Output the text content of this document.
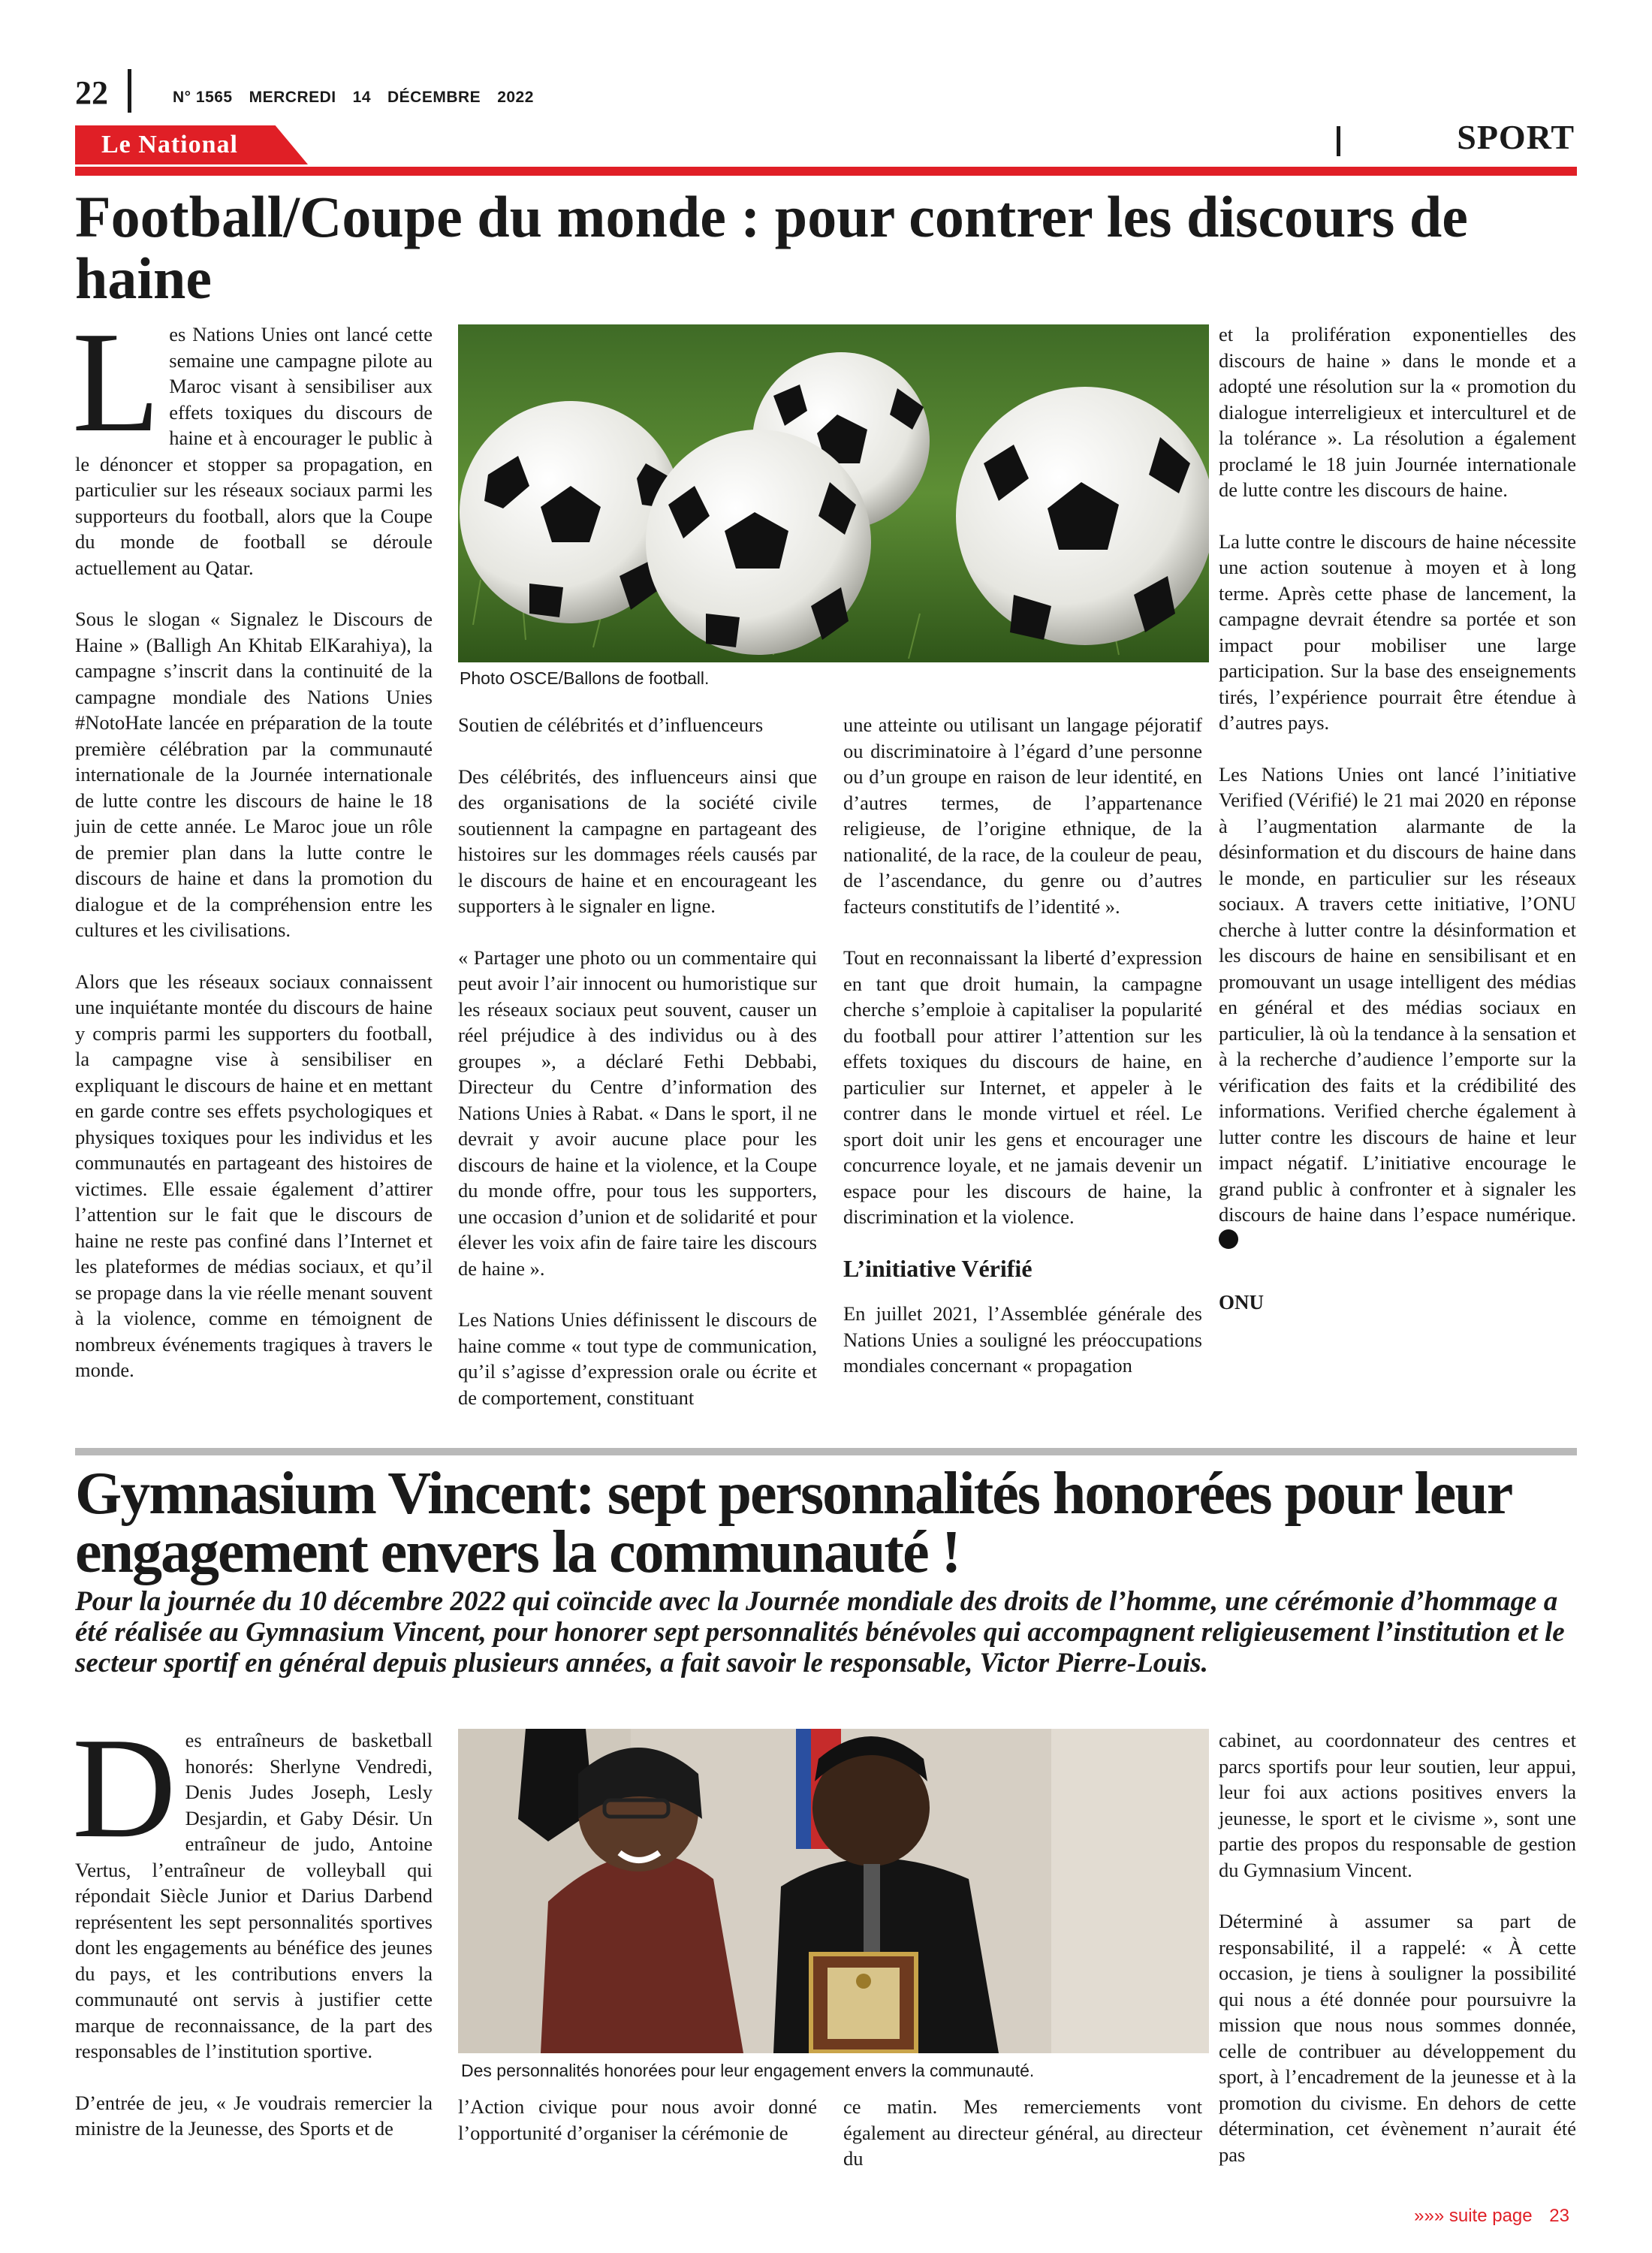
22	N° 1565 MERCREDI 14 DÉCEMBRE 2022
Le National	SPORT
Football/Coupe du monde : pour contrer les discours de haine

Les Nations Unies ont lancé cette semaine une campagne pilote au Maroc visant à sensibiliser aux effets toxiques du discours de haine et à encourager le public à le dénoncer et stopper sa propagation, en particulier sur les réseaux sociaux parmi les supporteurs du football, alors que la Coupe du monde de football se déroule actuellement au Qatar.

Sous le slogan « Signalez le Discours de Haine » (Balligh An Khitab ElKarahiya), la campagne s’inscrit dans la continuité de la campagne mondiale des Nations Unies #NotoHate lancée en préparation de la toute première célébration par la communauté internationale de la Journée internationale de lutte contre les discours de haine le 18 juin de cette année. Le Maroc joue un rôle de premier plan dans la lutte contre le discours de haine et dans la promotion du dialogue et de la compréhension entre les cultures et les civilisations.

Alors que les réseaux sociaux connaissent une inquiétante montée du discours de haine y compris parmi les supporters du football, la campagne vise à sensibiliser en expliquant le discours de haine et en mettant en garde contre ses effets psychologiques et physiques toxiques pour les individus et les communautés en partageant des histoires de victimes. Elle essaie également d’attirer l’attention sur le fait que le discours de haine ne reste pas confiné dans l’Internet et les plateformes de médias sociaux, et qu’il se propage dans la vie réelle menant souvent à la violence, comme en témoignent de nombreux événements tragiques à travers le monde.

Photo OSCE/Ballons de football.

Soutien de célébrités et d’influenceurs

Des célébrités, des influenceurs ainsi que des organisations de la société civile soutiennent la campagne en partageant des histoires sur les dommages réels causés par le discours de haine et en encourageant les supporters à le signaler en ligne.

« Partager une photo ou un commentaire qui peut avoir l’air innocent ou humoristique sur les réseaux sociaux peut souvent, causer un réel préjudice à des individus ou à des groupes », a déclaré Fethi Debbabi, Directeur du Centre d’information des Nations Unies à Rabat. « Dans le sport, il ne devrait y avoir aucune place pour les discours de haine et la violence, et la Coupe du monde offre, pour tous les supporters, une occasion d’union et de solidarité et pour élever les voix afin de faire taire les discours de haine ».

Les Nations Unies définissent le discours de haine comme « tout type de communication, qu’il s’agisse d’expression orale ou écrite et de comportement, constituant

une atteinte ou utilisant un langage péjoratif ou discriminatoire à l’égard d’une personne ou d’un groupe en raison de leur identité, en d’autres termes, de l’appartenance religieuse, de l’origine ethnique, de la nationalité, de la race, de la couleur de peau, de l’ascendance, du genre ou d’autres facteurs constitutifs de l’identité ».

Tout en reconnaissant la liberté d’expression en tant que droit humain, la campagne cherche s’emploie à capitaliser la popularité du football pour attirer l’attention sur les effets toxiques du discours de haine, en particulier sur Internet, et appeler à le contrer dans le monde virtuel et réel. Le sport doit unir les gens et encourager une concurrence loyale, et ne jamais devenir un espace pour les discours de haine, la discrimination et la violence.

L’initiative Vérifié

En juillet 2021, l’Assemblée générale des Nations Unies a souligné les préoccupations mondiales concernant « propagation

et la prolifération exponentielles des discours de haine » dans le monde et a adopté une résolution sur la « promotion du dialogue interreligieux et interculturel et de la tolérance ». La résolution a également proclamé le 18 juin Journée internationale de lutte contre les discours de haine.

La lutte contre le discours de haine nécessite une action soutenue à moyen et à long terme. Après cette phase de lancement, la campagne devrait étendre sa portée et son impact pour mobiliser une large participation. Sur la base des enseignements tirés, l’expérience pourrait être étendue à d’autres pays.

Les Nations Unies ont lancé l’initiative Verified (Vérifié) le 21 mai 2020 en réponse à l’augmentation alarmante de la désinformation et du discours de haine dans le monde, en particulier sur les réseaux sociaux. A travers cette initiative, l’ONU cherche à lutter contre la désinformation et les discours de haine en sensibilisant et en promouvant un usage intelligent des médias en général et des médias sociaux en particulier, là où la tendance à la sensation et à la recherche d’audience l’emporte sur la vérification des faits et la crédibilité des informations. Verified cherche également à lutter contre les discours de haine et leur impact négatif. L’initiative encourage le grand public à confronter et à signaler les discours de haine dans l’espace numérique.

ONU

Gymnasium Vincent: sept personnalités honorées pour leur engagement envers la communauté !

Pour la journée du 10 décembre 2022 qui coïncide avec la Journée mondiale des droits de l’homme, une cérémonie d’hommage a été réalisée au Gymnasium Vincent, pour honorer sept personnalités bénévoles qui accompagnent religieusement l’institution et le secteur sportif en général depuis plusieurs années, a fait savoir le responsable, Victor Pierre-Louis.

Des entraîneurs de basketball honorés: Sherlyne Vendredi, Denis Judes Joseph, Lesly Desjardin, et Gaby Désir. Un entraîneur de judo, Antoine Vertus, l’entraîneur de volleyball qui répondait Siècle Junior et Darius Darbend représentent les sept personnalités sportives dont les engagements au bénéfice des jeunes du pays, et les contributions envers la communauté ont servis à justifier cette marque de reconnaissance, de la part des responsables de l’institution sportive.

D’entrée de jeu, « Je voudrais remercier la ministre de la Jeunesse, des Sports et de

Des personnalités honorées pour leur engagement envers la communauté.

l’Action civique pour nous avoir donné l’opportunité d’organiser la cérémonie de

ce matin. Mes remerciements vont également au directeur général, au directeur du

cabinet, au coordonnateur des centres et parcs sportifs pour leur soutien, leur appui, leur foi aux actions positives envers la jeunesse, le sport et le civisme », sont une partie des propos du responsable de gestion du Gymnasium Vincent.

Déterminé à assumer sa part de responsabilité, il a rappelé: « À cette occasion, je tiens à souligner la possibilité qui nous a été donnée pour poursuivre la mission que nous nous sommes donnée, celle de contribuer au développement du sport, à l’encadrement de la jeunesse et à la promotion du civisme. En dehors de cette détermination, cet évènement n’aurait été pas

»»» suite page 23
